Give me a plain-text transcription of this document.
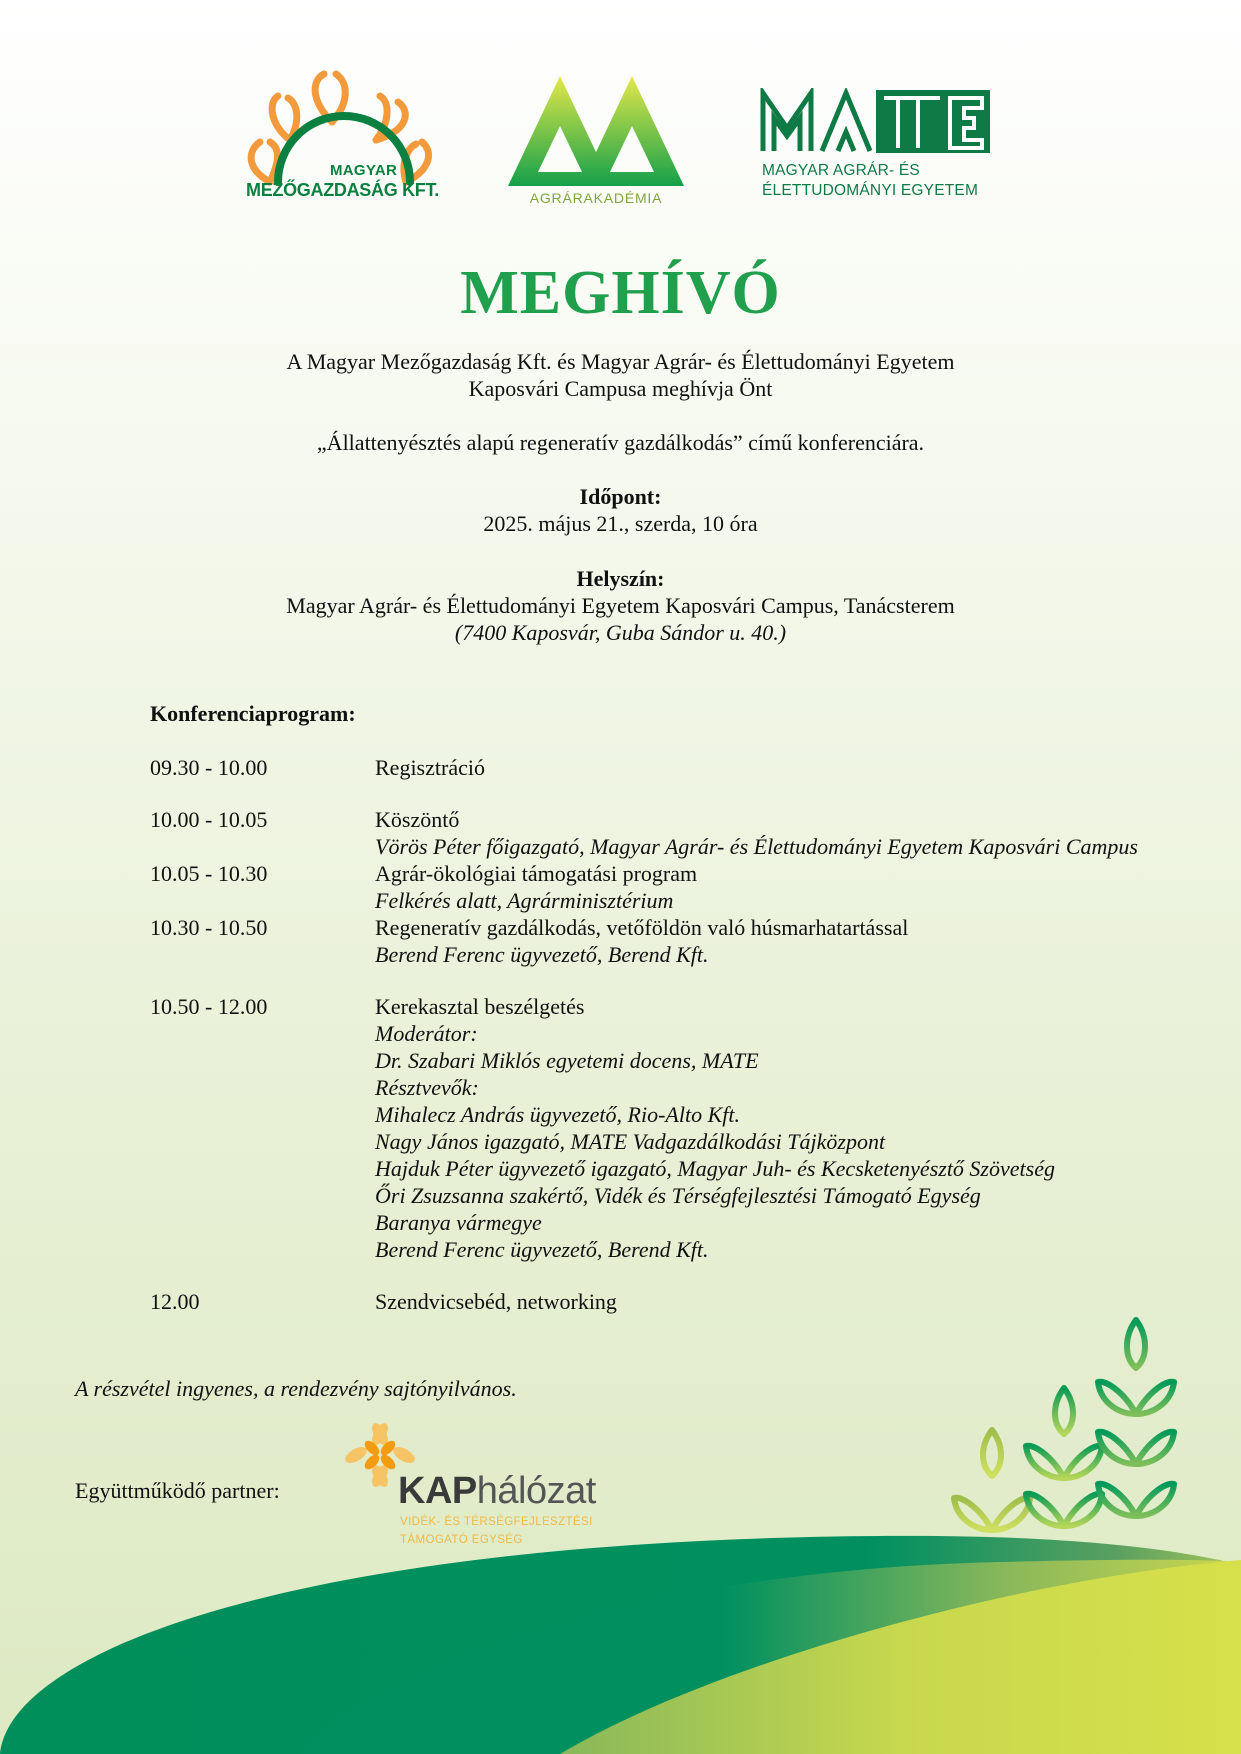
MAGYAR
MEZŐGAZDASÁG KFT.	AGRÁRAKADÉMIA
MAGYAR AGRÁR- ÉS
ÉLETTUDOMÁNYI EGYETEM
MEGHÍVÓ
A Magyar Mezőgazdaság Kft. és Magyar Agrár- és Élettudományi Egyetem
Kaposvári Campusa meghívja Önt
„Állattenyésztés alapú regeneratív gazdálkodás” című konferenciára.
Időpont:
2025. május 21., szerda, 10 óra
Helyszín:
Magyar Agrár- és Élettudományi Egyetem Kaposvári Campus, Tanácsterem
(7400 Kaposvár, Guba Sándor u. 40.)
Konferenciaprogram:
09.30 - 10.00	Regisztráció
10.00 - 10.05	Köszöntő
Vörös Péter főigazgató, Magyar Agrár- és Élettudományi Egyetem Kaposvári Campus
10.05 - 10.30	Agrár-ökológiai támogatási program
Felkérés alatt, Agrárminisztérium
10.30 - 10.50	Regeneratív gazdálkodás, vetőföldön való húsmarhatartással
Berend Ferenc ügyvezető, Berend Kft.
10.50 - 12.00	Kerekasztal beszélgetés
Moderátor:
Dr. Szabari Miklós egyetemi docens, MATE
Résztvevők:
Mihalecz András ügyvezető, Rio-Alto Kft.
Nagy János igazgató, MATE Vadgazdálkodási Tájközpont
Hajduk Péter ügyvezető igazgató, Magyar Juh- és Kecsketenyésztő Szövetség
Őri Zsuzsanna szakértő, Vidék és Térségfejlesztési Támogató Egység
Baranya vármegye
Berend Ferenc ügyvezető, Berend Kft.
12.00	Szendvicsebéd, networking
A részvétel ingyenes, a rendezvény sajtónyilvános.
Együttműködő partner:	KAPhálózat
VIDÉK- ÉS TÉRSÉGFEJLESZTÉSI
TÁMOGATÓ EGYSÉG
